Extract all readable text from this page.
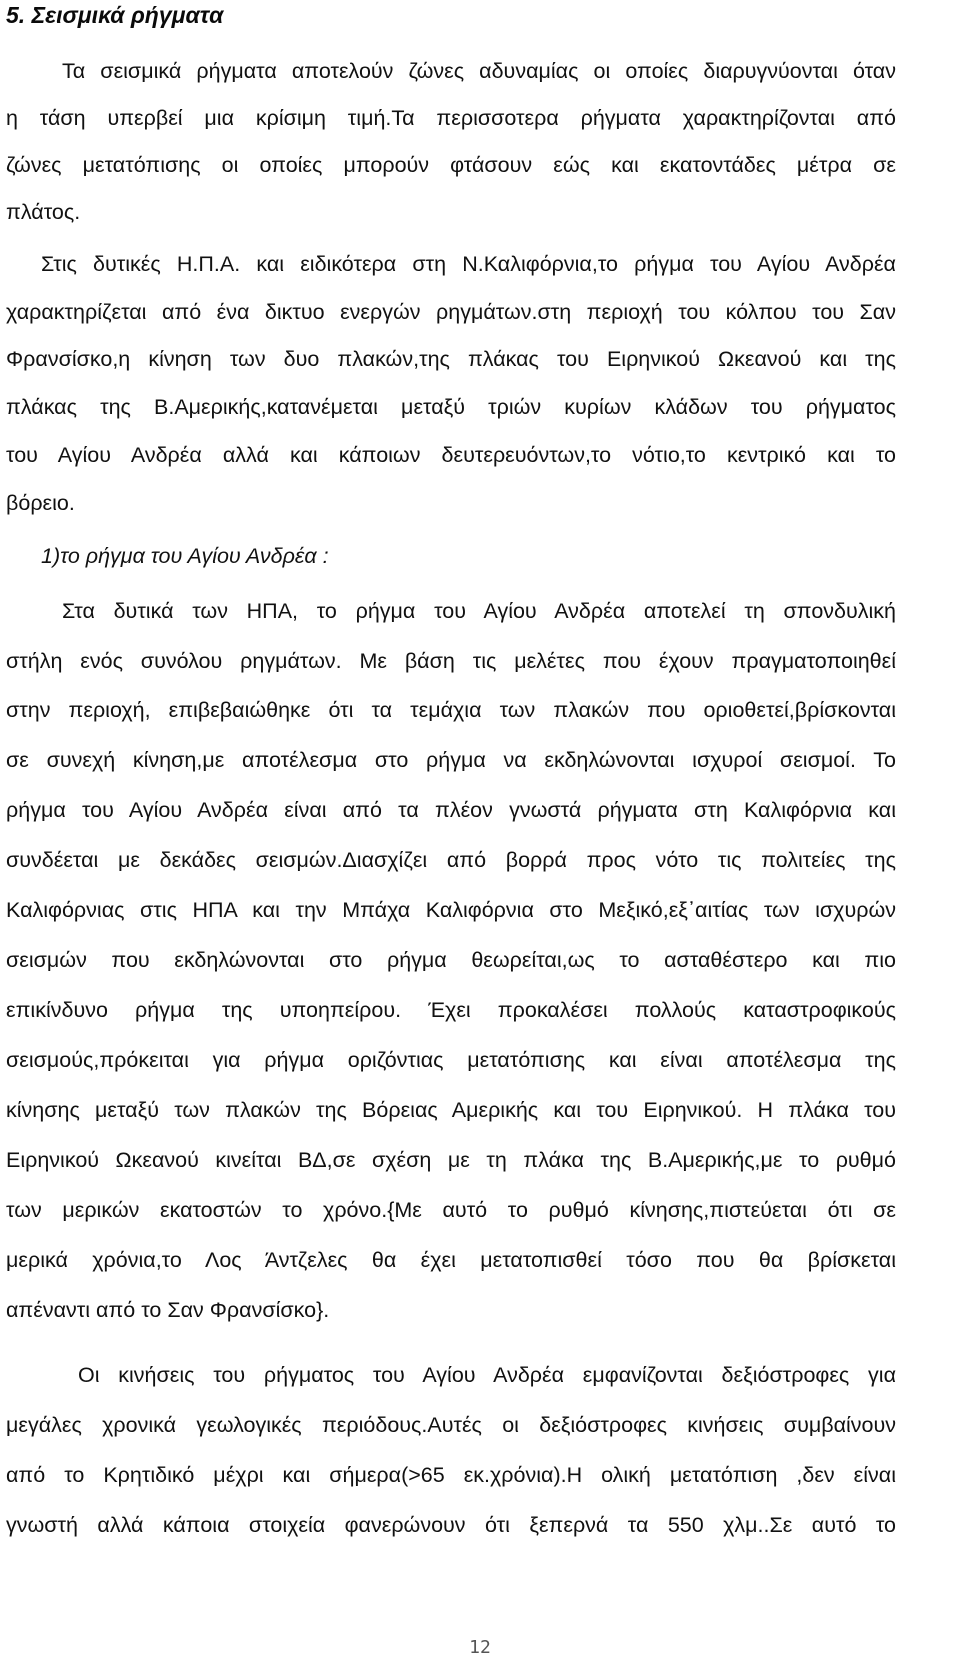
5. Σεισμικά ρήγματα

Τα σεισμικά ρήγματα αποτελούν ζώνες αδυναμίας οι οποίες διαρυγνύονται όταν

η τάση υπερβεί μια κρίσιμη τιμή.Τα περισσοτερα ρήγματα χαρακτηρίζονται από

ζώνες μετατόπισης οι οποίες μπορούν φτάσουν εώς και εκατοντάδες μέτρα σε

πλάτος.

Στις δυτικές Η.Π.Α. και ειδικότερα στη Ν.Καλιφόρνια,το ρήγμα του Αγίου Ανδρέα

χαρακτηρίζεται από ένα δικτυο ενεργών ρηγμάτων.στη περιοχή του κόλπου του Σαν

Φρανσίσκο,η κίνηση των δυο πλακών,της πλάκας του Ειρηνικού Ωκεανού και της

πλάκας της Β.Αμερικής,κατανέμεται μεταξύ τριών κυρίων κλάδων του ρήγματος

του Αγίου Ανδρέα αλλά και κάποιων δευτερευόντων,το νότιο,το κεντρικό και το

βόρειο.

1)το ρήγμα του Αγίου Ανδρέα :

Στα δυτικά των ΗΠΑ, το ρήγμα του Αγίου Ανδρέα αποτελεί τη σπονδυλική

στήλη ενός συνόλου ρηγμάτων. Με βάση τις μελέτες που έχουν πραγματοποιηθεί

στην περιοχή, επιβεβαιώθηκε ότι τα τεμάχια των πλακών που οριοθετεί,βρίσκονται

σε συνεχή κίνηση,με αποτέλεσμα στο ρήγμα να εκδηλώνονται ισχυροί σεισμοί. Το

ρήγμα του Αγίου Ανδρέα είναι από τα πλέον γνωστά ρήγματα στη Καλιφόρνια και

συνδέεται με δεκάδες σεισμών.Διασχίζει από βορρά προς νότο τις πολιτείες της

Καλιφόρνιας στις ΗΠΑ και την Μπάχα Καλιφόρνια στο Μεξικό,εξ᾽αιτίας των ισχυρών

σεισμών που εκδηλώνονται στο ρήγμα θεωρείται,ως το ασταθέστερο και πιο

επικίνδυνο ρήγμα της υποηπείρου. Έχει προκαλέσει πολλούς καταστροφικούς

σεισμούς,πρόκειται για ρήγμα οριζόντιας μετατόπισης και είναι αποτέλεσμα της

κίνησης μεταξύ των πλακών της Βόρειας Αμερικής και του Ειρηνικού. Η πλάκα του

Ειρηνικού Ωκεανού κινείται ΒΔ,σε σχέση με τη πλάκα της Β.Αμερικής,με το ρυθμό

των μερικών εκατοστών το χρόνο.{Με αυτό το ρυθμό κίνησης,πιστεύεται ότι σε

μερικά χρόνια,το Λος Άντζελες θα έχει μετατοπισθεί τόσο που θα βρίσκεται

απέναντι από το Σαν Φρανσίσκο}.

Οι κινήσεις του ρήγματος του Αγίου Ανδρέα εμφανίζονται δεξιόστροφες για

μεγάλες χρονικά γεωλογικές περιόδους.Αυτές οι δεξιόστροφες κινήσεις συμβαίνουν

από το Κρητιδικό μέχρι και σήμερα(>65 εκ.χρόνια).Η ολική μετατόπιση ,δεν είναι

γνωστή αλλά κάποια στοιχεία φανερώνουν ότι ξεπερνά τα 550 χλμ..Σε αυτό το

12
